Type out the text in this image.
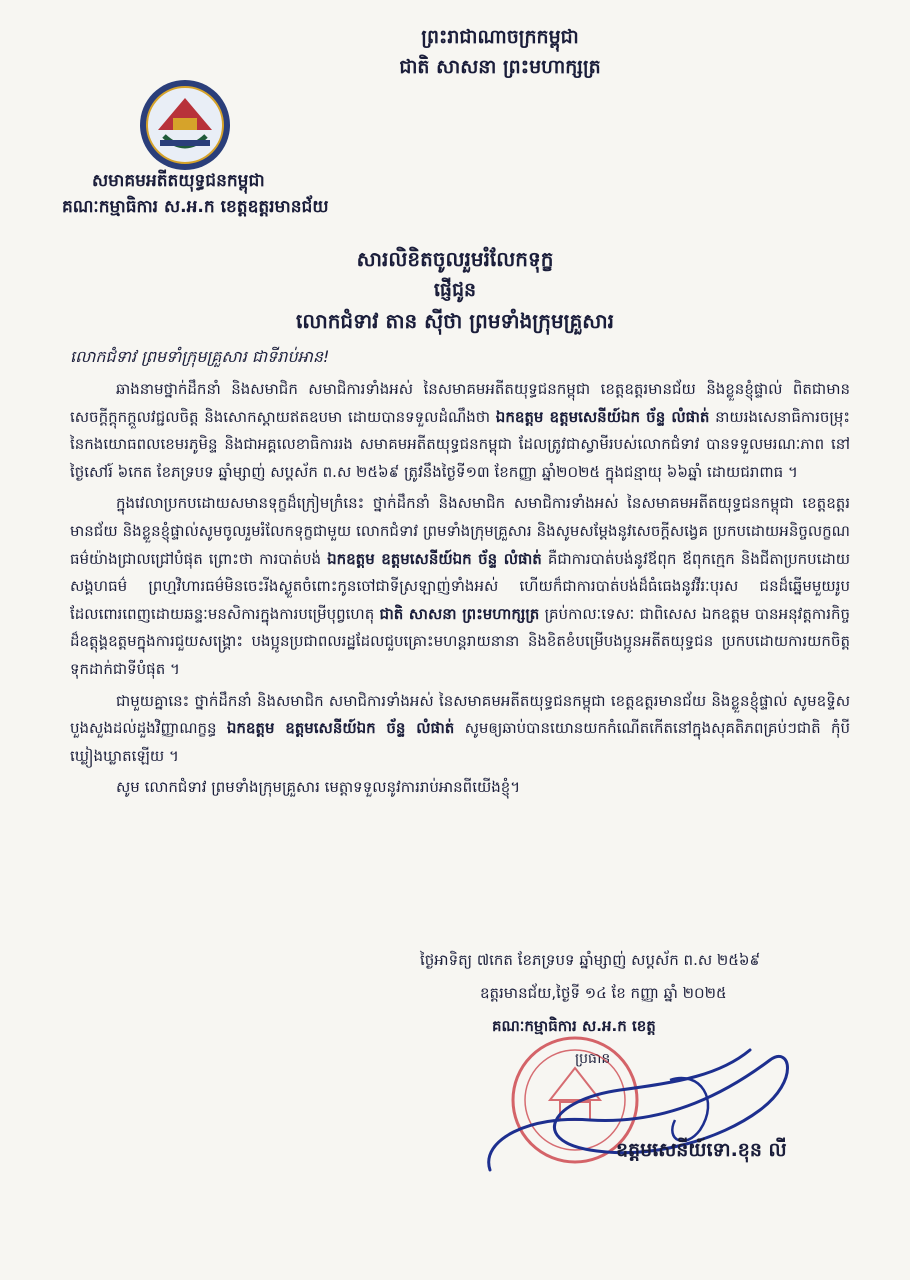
ព្រះរាជាណាចក្រកម្ពុជា
ជាតិ សាសនា ព្រះមហាក្សត្រ
សមាគមអតីតយុទ្ធជនកម្ពុជា
គណៈកម្មាធិការ ស.អ.ក ខេត្តឧត្តរមានជ័យ
សារលិខិតចូលរួមរំលែកទុក្ខ
ផ្ញើជូន
លោកជំទាវ តាន ស៊ីថា ព្រមទាំងក្រុមគ្រួសារ
លោកជំទាវ ព្រមទាំក្រុមគ្រួសារ ជាទីរាប់អាន!

ឆាងនាមថ្នាក់ដឹកនាំ និងសមាជិក សមាជិការទាំងអស់ នៃសមាគមអតីតយុទ្ធជនកម្ពុជា ខេត្តឧត្តរមានជ័យ និងខ្លួនខ្ញុំផ្ទាល់ ពិតជាមានសេចក្តីក្តុកក្តួលវជ្ជលចិត្ត និងសោកស្តាយឥតឧបមា ដោយបានទទួលដំណឹងថា ឯកឧត្តម ឧត្តមសេនីយ៍ឯក ច័ន្ទ លំផាត់ នាយរងសេនាធិការចម្រុះ នៃកងយោធពលខេមរភូមិន្ទ និងជាអគ្គលេខាធិការរង សមាគមអតីតយុទ្ធជនកម្ពុជា ដែលត្រូវជាស្វាមីរបស់លោកជំទាវ បានទទួលមរណៈភាព នៅថ្ងៃសៅរ៍ ៦កេត ខែភទ្របទ ឆ្នាំម្សាញ់ សប្តស័ក ព.ស ២៥៦៩ ត្រូវនឹងថ្ងៃទី១៣ ខែកញ្ញា ឆ្នាំ២០២៥ ក្នុងជន្មាយុ ៦៦ឆ្នាំ ដោយជរាពាធ ។

ក្នុងវេលាប្រកបដោយសមានទុក្ខដ៏ក្រៀមក្រំនេះ ថ្នាក់ដឹកនាំ និងសមាជិក សមាជិការទាំងអស់ នៃសមាគមអតីតយុទ្ធជនកម្ពុជា ខេត្តឧត្តរមានជ័យ និងខ្លួនខ្ញុំផ្ទាល់សូមចូលរួមរំលែកទុក្ខជាមួយ លោកជំទាវ ព្រមទាំងក្រុមគ្រួសារ និងសូមសម្តែងនូវសេចក្តីសង្វេគ ប្រកបដោយអនិច្ចលក្ខណធម៌យ៉ាងជ្រាលជ្រៅបំផុត ព្រោះថា ការបាត់បង់ ឯកឧត្តម ឧត្តមសេនីយ៍ឯក ច័ន្ទ លំផាត់ គឺជាការបាត់បង់នូវឪពុក ឪពុកក្មេក និងជីតាប្រកបដោយសង្គហធម៌ ព្រហ្មវិហារធម៌មិនចេះរីងស្ងួតចំពោះកូនចៅជាទីស្រឡាញ់ទាំងអស់ ហើយក៏ជាការបាត់បង់ដ៏ធំធេងនូវវីរៈបុរស ជនដ៏ឆ្នើមមួយរូប ដែលពោរពេញដោយឆន្ទៈមនសិការក្នុងការបម្រើបុព្វហេតុ ជាតិ សាសនា ព្រះមហាក្សត្រ គ្រប់កាលៈទេសៈ ជាពិសេស ឯកឧត្តម បានអនុវត្តការកិច្ចដ៏ឧត្តុង្គឧត្តមក្នុងការជួយសង្គ្រោះ បងប្អូនប្រជាពលរដ្ឋដែលជួបគ្រោះមហន្តរាយនានា និងខិតខំបម្រើបងប្អូនអតីតយុទ្ធជន ប្រកបដោយការយកចិត្តទុកដាក់ជាទីបំផុត ។

ជាមួយគ្នានេះ ថ្នាក់ដឹកនាំ និងសមាជិក សមាជិការទាំងអស់ នៃសមាគមអតីតយុទ្ធជនកម្ពុជា ខេត្តឧត្តរមានជ័យ និងខ្លួនខ្ញុំផ្ទាល់ សូមឧទ្ទិសបួងសួងដល់ដួងវិញ្ញាណក្ខន្ធ ឯកឧត្តម ឧត្តមសេនីយ៍ឯក ច័ន្ទ លំផាត់ សូមឲ្យឆាប់បានយោនយកកំណើតកើតនៅក្នុងសុគតិភពគ្រប់ៗជាតិ កុំបីឃ្លៀងឃ្លាតឡើយ ។

សូម លោកជំទាវ ព្រមទាំងក្រុមគ្រួសារ មេត្តាទទួលនូវការរាប់អានពីយើងខ្ញុំ។

ថ្ងៃអាទិត្យ ៧កេត ខែភទ្របទ ឆ្នាំម្សាញ់ សប្តស័ក ព.ស ២៥៦៩
ឧត្តរមានជ័យ,ថ្ងៃទី ១៤ ខែ កញ្ញា ឆ្នាំ ២០២៥
គណៈកម្មាធិការ ស.អ.ក ខេត្ត
ប្រធាន
ឧត្តមសេនីយ៍ទោ.ខុន លី
